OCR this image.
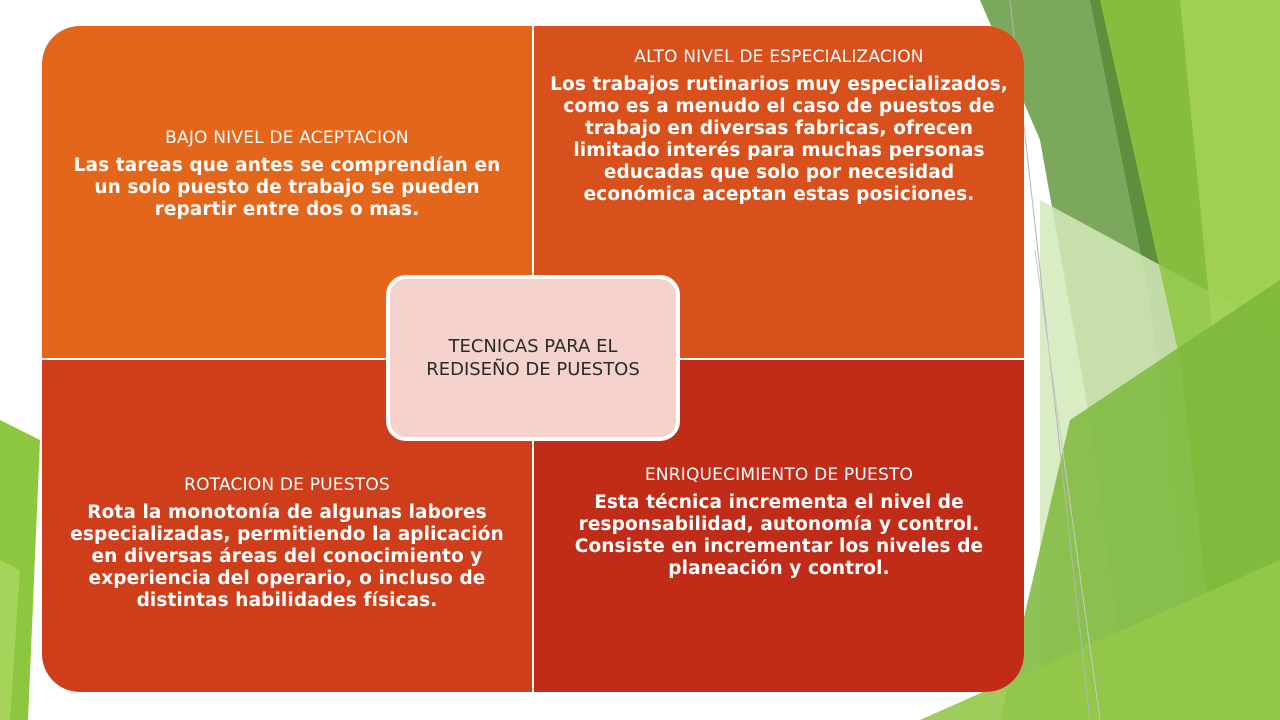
BAJO NIVEL DE ACEPTACION
Las tareas que antes se comprendían en un solo puesto de trabajo se pueden repartir entre dos o mas.
ALTO NIVEL DE ESPECIALIZACION
Los trabajos rutinarios muy especializados, como es a menudo el caso de puestos de trabajo en diversas fabricas, ofrecen limitado interés para muchas personas educadas que solo por necesidad económica aceptan estas posiciones.
ROTACION DE PUESTOS
Rota la monotonía de algunas labores especializadas, permitiendo la aplicación en diversas áreas del conocimiento y experiencia del operario, o incluso de distintas habilidades físicas.
ENRIQUECIMIENTO DE PUESTO
Esta técnica incrementa el nivel de responsabilidad, autonomía y control. Consiste en incrementar los niveles de planeación y control.
TECNICAS PARA EL REDISEÑO DE PUESTOS
